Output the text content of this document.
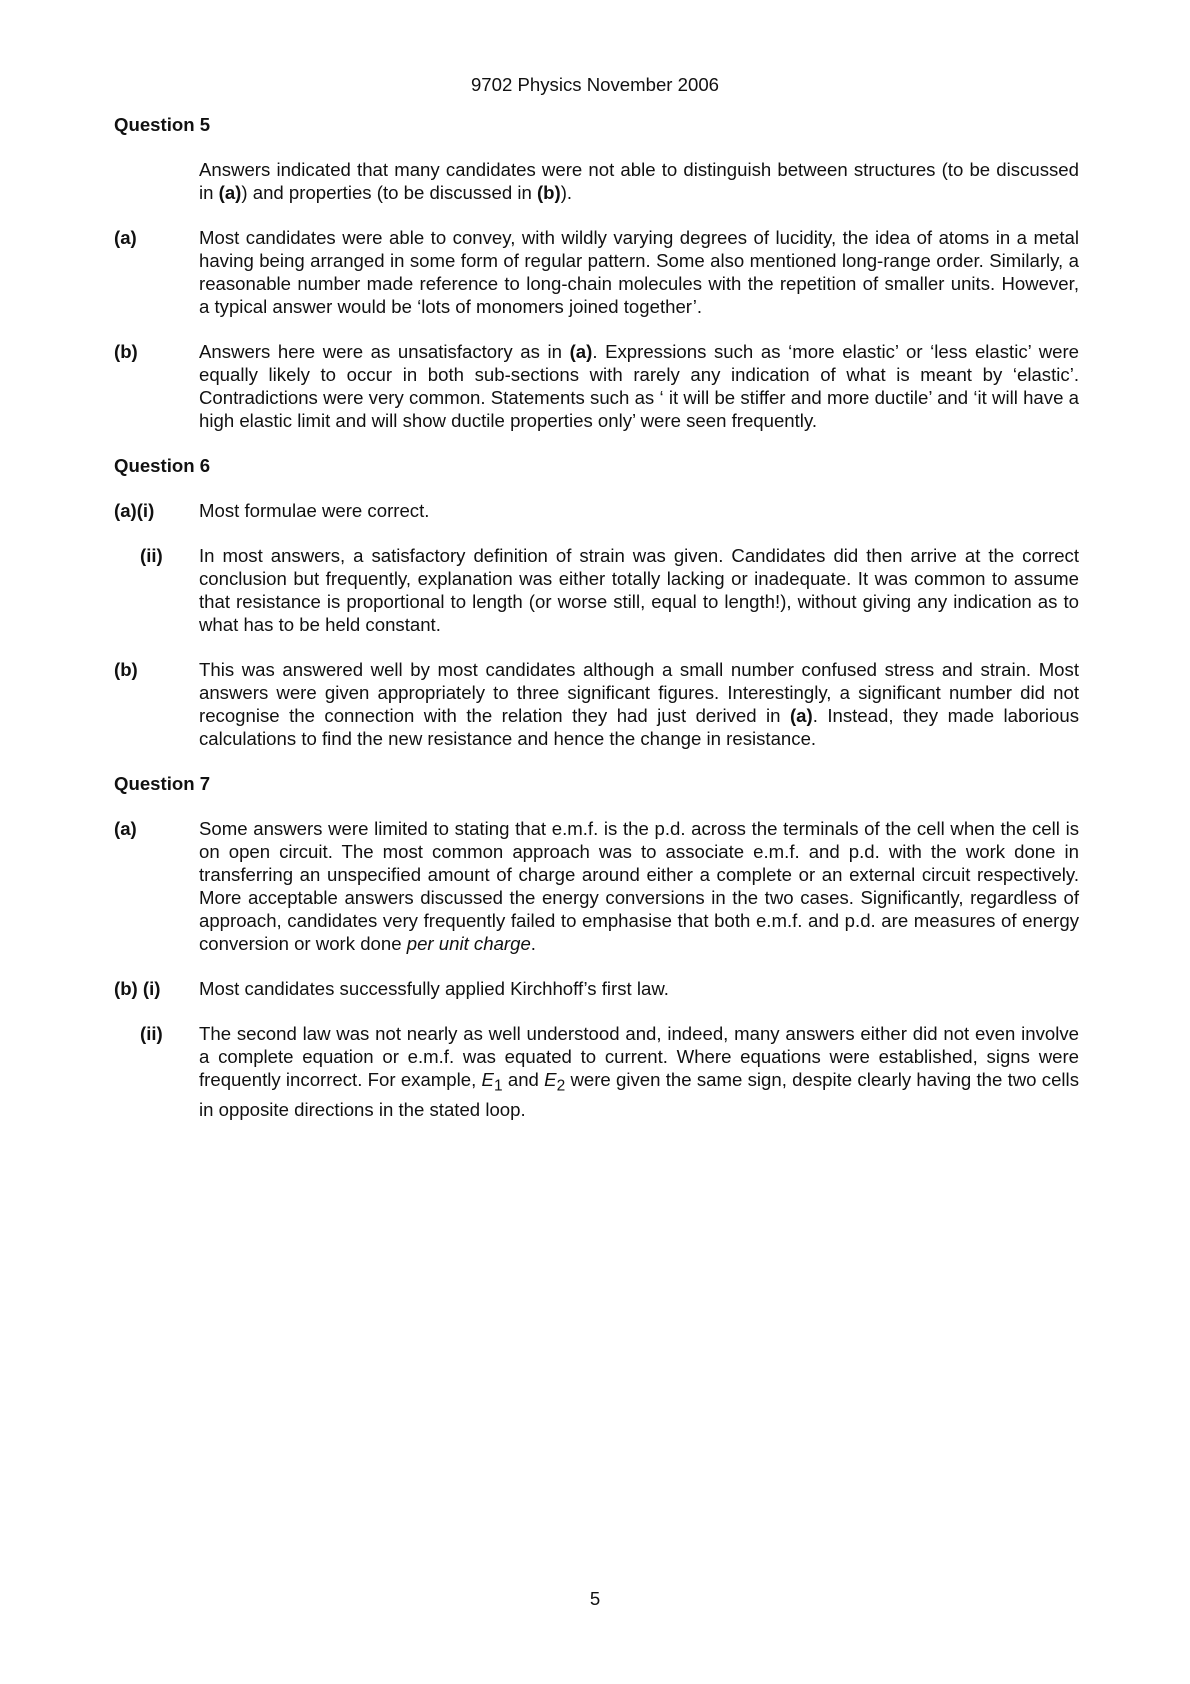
9702 Physics November 2006
Question 5
Answers indicated that many candidates were not able to distinguish between structures (to be discussed in (a)) and properties (to be discussed in (b)).
(a)	Most candidates were able to convey, with wildly varying degrees of lucidity, the idea of atoms in a metal having being arranged in some form of regular pattern. Some also mentioned long-range order. Similarly, a reasonable number made reference to long-chain molecules with the repetition of smaller units. However, a typical answer would be ‘lots of monomers joined together’.
(b)	Answers here were as unsatisfactory as in (a). Expressions such as ‘more elastic’ or ‘less elastic’ were equally likely to occur in both sub-sections with rarely any indication of what is meant by ‘elastic’. Contradictions were very common. Statements such as ‘ it will be stiffer and more ductile’ and ‘it will have a high elastic limit and will show ductile properties only’ were seen frequently.
Question 6
(a)(i)	Most formulae were correct.
(ii)	In most answers, a satisfactory definition of strain was given. Candidates did then arrive at the correct conclusion but frequently, explanation was either totally lacking or inadequate. It was common to assume that resistance is proportional to length (or worse still, equal to length!), without giving any indication as to what has to be held constant.
(b)	This was answered well by most candidates although a small number confused stress and strain. Most answers were given appropriately to three significant figures. Interestingly, a significant number did not recognise the connection with the relation they had just derived in (a). Instead, they made laborious calculations to find the new resistance and hence the change in resistance.
Question 7
(a)	Some answers were limited to stating that e.m.f. is the p.d. across the terminals of the cell when the cell is on open circuit. The most common approach was to associate e.m.f. and p.d. with the work done in transferring an unspecified amount of charge around either a complete or an external circuit respectively. More acceptable answers discussed the energy conversions in the two cases. Significantly, regardless of approach, candidates very frequently failed to emphasise that both e.m.f. and p.d. are measures of energy conversion or work done per unit charge.
(b) (i)	Most candidates successfully applied Kirchhoff’s first law.
(ii)	The second law was not nearly as well understood and, indeed, many answers either did not even involve a complete equation or e.m.f. was equated to current. Where equations were established, signs were frequently incorrect. For example, $E_1$ and $E_2$ were given the same sign, despite clearly having the two cells in opposite directions in the stated loop.
5
